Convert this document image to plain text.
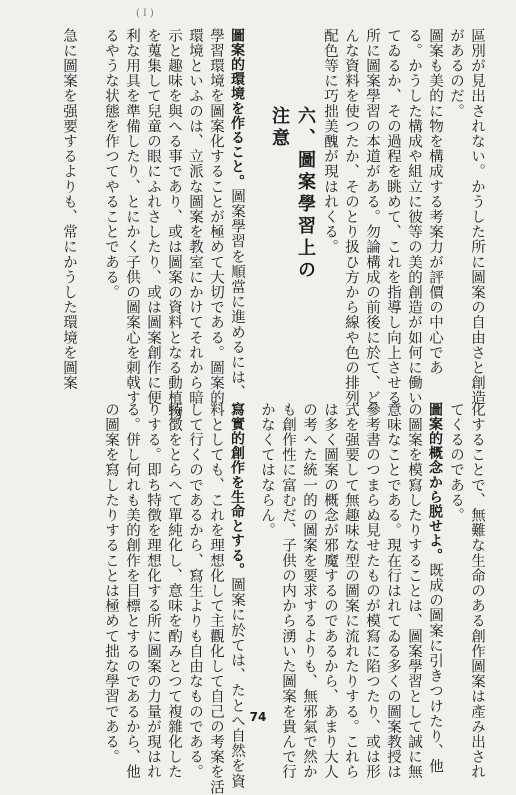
(Ｉ)
區別が見出されない。かうした所に圖案の自由さと創造
があるのだ。
圖案も美的に物を構成する考案力が評價の中心であ
る。かうした構成や組立に彼等の美的創造が如何に働い
てゐるか、その過程を眺めて、これを指導し向上させる
所に圖案學習の本道がある。勿論構成の前後に於て、ど
んな資料を使つたか、そのとり扱ひ方から線や色の排列
配色等に巧拙美醜が現はれくる。
六、圖案學習上の注意
圖案的環境を作ること。圖案學習を順當に進めるには、
學習環境を圖案化することが極めて大切である。圖案的
環境といふのは、立派な圖案を教室にかけてそれから暗
示と趣味を與へる事であり、或は圖案の資料となる動植物
を蒐集して兒童の眼にふれさしたり、或は圖案創作に便
利な用具を準備したり、とにかく子供の圖案心を刺戟す
るやうな状態を作つてやることである。
急に圖案を强要するよりも、常にかうした環境を圖案
化することで、無難な生命のある創作圖案は產み出され
てくるのである。
圖案的概念から脱せよ。既成の圖案に引きつけたり、他
の圖案を模寫したりすることは、圖案學習として誠に無
意味なことである。現在行はれてゐる多くの圖案教授は
參考書のつまらぬ見せたものが模寫に陷つたり、或は形
式を强要して無趣味な型の圖案に流れたりする。これら
は多く圖案の概念が邪魔するのであるから、あまり大人
の考へた統一的の圖案を要求するよりも、無邪氣で然か
も創作性に富むだ、子供の内から湧いた圖案を貴んで行
かなくてはならん。
寫實的創作を生命とする。圖案に於ては、たとへ自然を資
料としても、これを理想化して主觀化して自己の考案を活
して行くのであるから、寫生よりも自由なものである。
特徴をとらへて單純化し、意味を酌みとつて複雜化した
りする。即ち特徴を理想化する所に圖案の力量が現はれ
る。併し何れも美的創作を目標とするのであるから、他
の圖案を寫したりすることは極めて拙な學習である。	74
